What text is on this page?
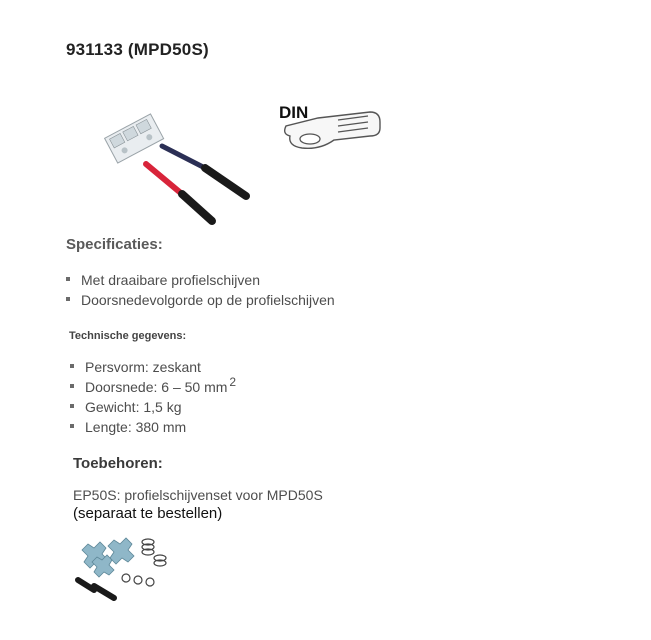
931133 (MPD50S)
DIN
Specificaties:
Met draaibare profielschijven
Doorsnedevolgorde op de profielschijven
Technische gegevens:
Persvorm: zeskant
Doorsnede: 6 – 50 mm 2
Gewicht: 1,5 kg
Lengte: 380 mm
Toebehoren:
EP50S: profielschijvenset voor MPD50S
(separaat te bestellen)
